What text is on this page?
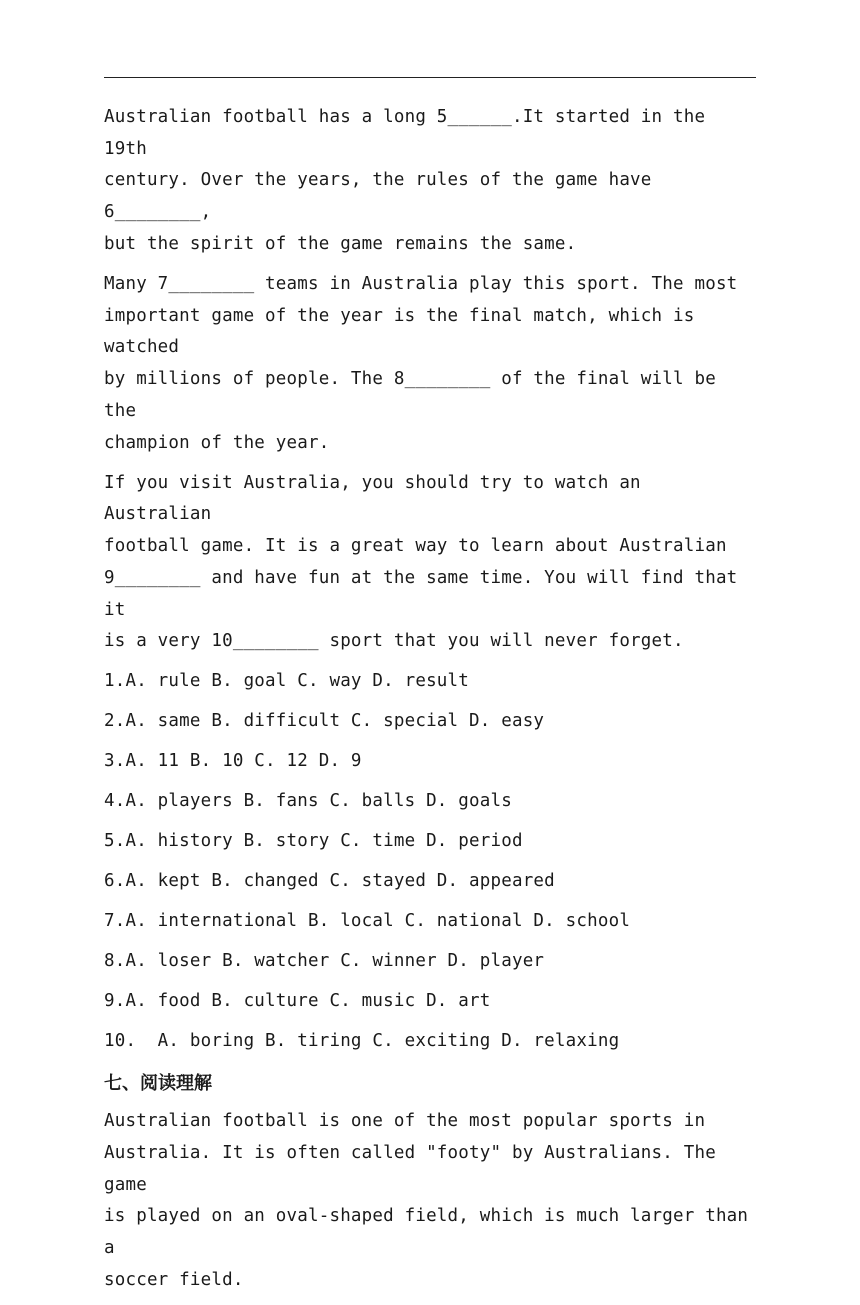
Australian football has a long 5______.It started in the 19th
century. Over the years, the rules of the game have 6________,
but the spirit of the game remains the same.

Many 7________ teams in Australia play this sport. The most
important game of the year is the final match, which is watched
by millions of people. The 8________ of the final will be the
champion of the year.

If you visit Australia, you should try to watch an Australian
football game. It is a great way to learn about Australian
9________ and have fun at the same time. You will find that it
is a very 10________ sport that you will never forget.

1.A. rule B. goal C. way D. result

2.A. same B. difficult C. special D. easy

3.A. 11 B. 10 C. 12 D. 9

4.A. players B. fans C. balls D. goals

5.A. history B. story C. time D. period

6.A. kept B. changed C. stayed D. appeared

7.A. international B. local C. national D. school

8.A. loser B. watcher C. winner D. player

9.A. food B. culture C. music D. art

10.  A. boring B. tiring C. exciting D. relaxing

七、阅读理解

Australian football is one of the most popular sports in
Australia. It is often called "footy" by Australians. The game
is played on an oval-shaped field, which is much larger than a
soccer field.
